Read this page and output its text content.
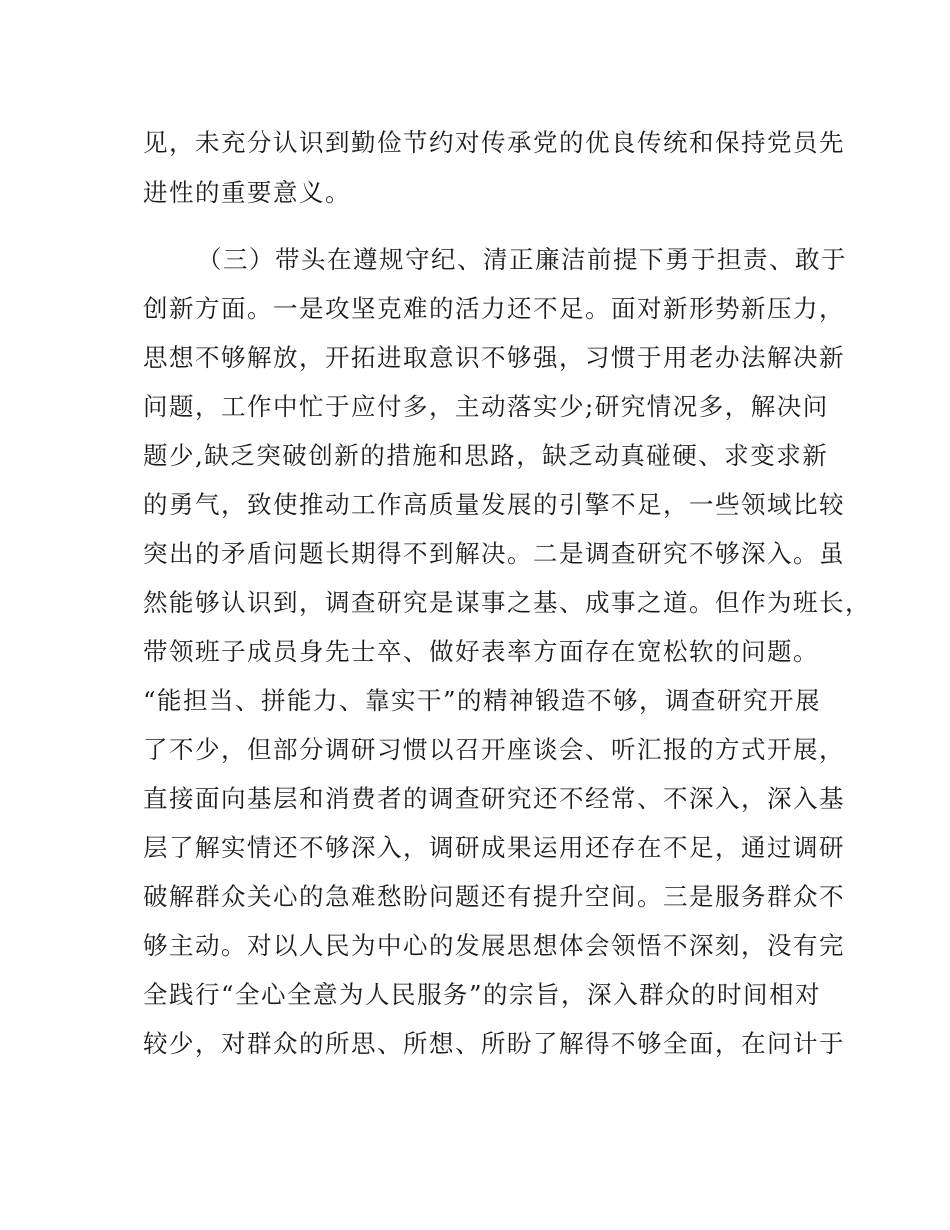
见，未充分认识到勤俭节约对传承党的优良传统和保持党员先
进性的重要意义。
（三）带头在遵规守纪、清正廉洁前提下勇于担责、敢于
创新方面。一是攻坚克难的活力还不足。面对新形势新压力，
思想不够解放，开拓进取意识不够强，习惯于用老办法解决新
问题，工作中忙于应付多，主动落实少;研究情况多，解决问
题少,缺乏突破创新的措施和思路，缺乏动真碰硬、求变求新
的勇气，致使推动工作高质量发展的引擎不足，一些领域比较
突出的矛盾问题长期得不到解决。二是调查研究不够深入。虽
然能够认识到，调查研究是谋事之基、成事之道。但作为班长，
带领班子成员身先士卒、做好表率方面存在宽松软的问题。
“能担当、拼能力、靠实干”的精神锻造不够，调查研究开展
了不少，但部分调研习惯以召开座谈会、听汇报的方式开展，
直接面向基层和消费者的调查研究还不经常、不深入，深入基
层了解实情还不够深入，调研成果运用还存在不足，通过调研
破解群众关心的急难愁盼问题还有提升空间。三是服务群众不
够主动。对以人民为中心的发展思想体会领悟不深刻，没有完
全践行“全心全意为人民服务”的宗旨，深入群众的时间相对
较少，对群众的所思、所想、所盼了解得不够全面，在问计于
